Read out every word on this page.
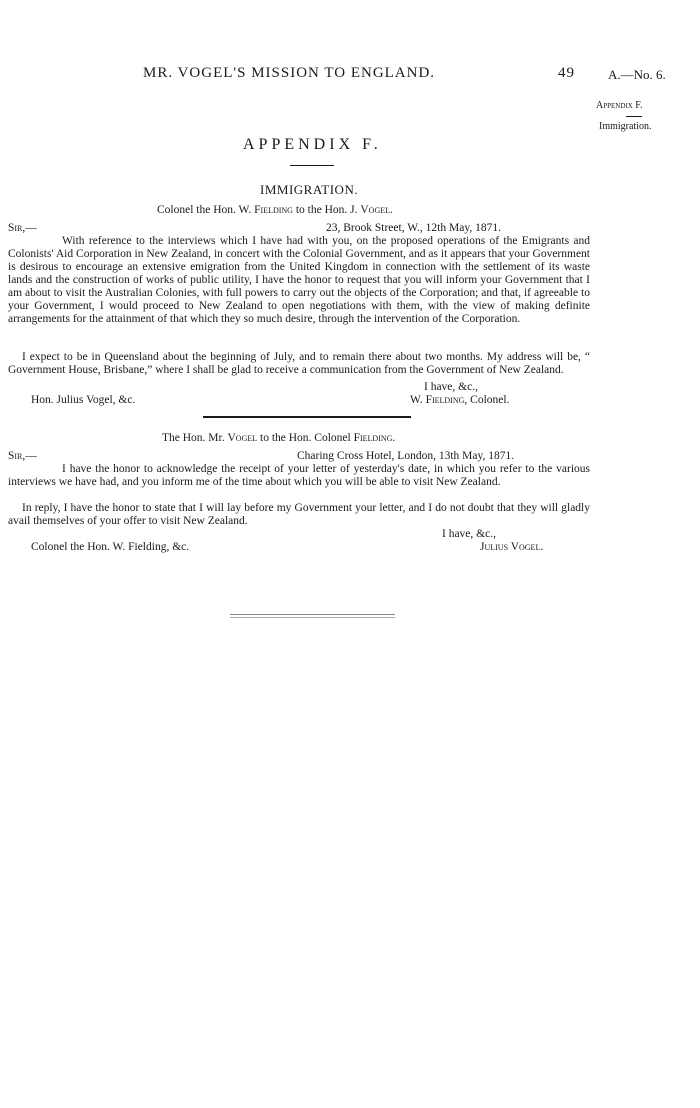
MR. VOGEL'S MISSION TO ENGLAND.	49	A.—No. 6.
Appendix F.
Immigration.
APPENDIX F.
IMMIGRATION.
Colonel the Hon. W. Fielding to the Hon. J. Vogel.
Sir,—	23, Brook Street, W., 12th May, 1871.
With reference to the interviews which I have had with you, on the proposed operations of the Emigrants and Colonists' Aid Corporation in New Zealand, in concert with the Colonial Government, and as it appears that your Government is desirous to encourage an extensive emigration from the United Kingdom in connection with the settlement of its waste lands and the construction of works of public utility, I have the honor to request that you will inform your Government that I am about to visit the Australian Colonies, with full powers to carry out the objects of the Corporation; and that, if agreeable to your Government, I would proceed to New Zealand to open negotiations with them, with the view of making definite arrangements for the attainment of that which they so much desire, through the intervention of the Corporation.
I expect to be in Queensland about the beginning of July, and to remain there about two months. My address will be, “ Government House, Brisbane,” where I shall be glad to receive a communication from the Government of New Zealand.
I have, &c.,
Hon. Julius Vogel, &c.	W. Fielding, Colonel.
The Hon. Mr. Vogel to the Hon. Colonel Fielding.
Sir,—	Charing Cross Hotel, London, 13th May, 1871.
I have the honor to acknowledge the receipt of your letter of yesterday's date, in which you refer to the various interviews we have had, and you inform me of the time about which you will be able to visit New Zealand.
In reply, I have the honor to state that I will lay before my Government your letter, and I do not doubt that they will gladly avail themselves of your offer to visit New Zealand.
I have, &c.,
Colonel the Hon. W. Fielding, &c.	Julius Vogel.
